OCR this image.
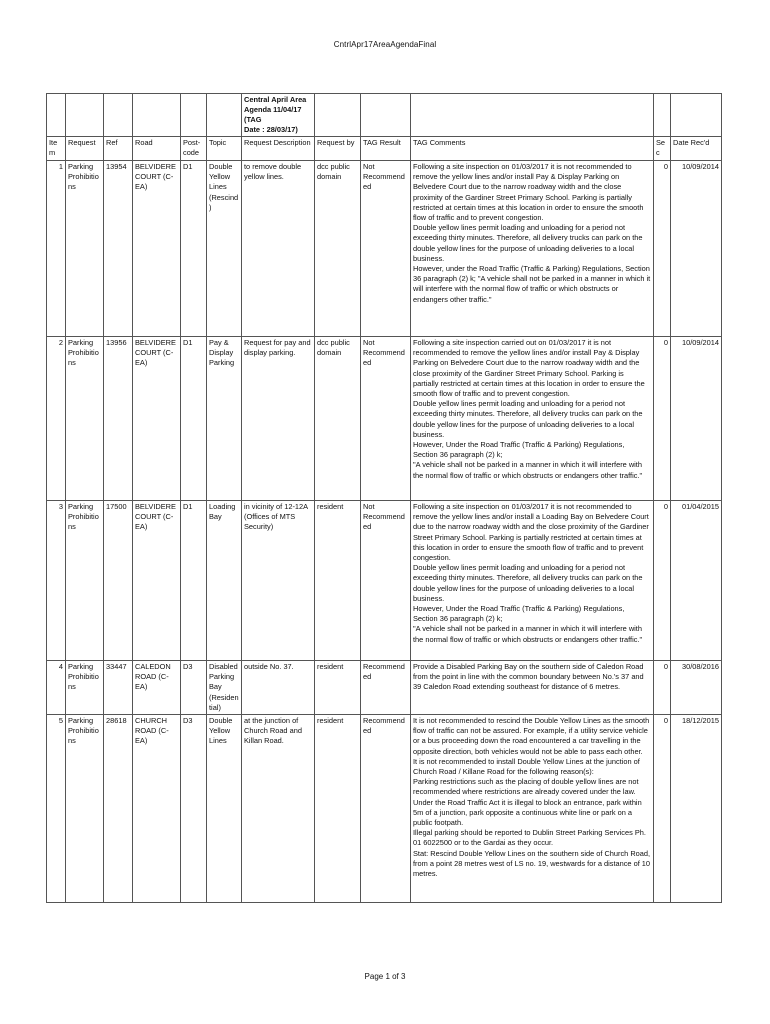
CntrlApr17AreaAgendaFinal

						Central April Area
Agenda 11/04/17 (TAG
Date : 28/03/17)					

Item	Request	Ref	Road	Post-code	Topic	Request Description	Request by	TAG Result	TAG Comments	Sec	Date Rec'd
1	Parking Prohibitions	13954	BELVIDERE COURT (C-EA)	D1	Double Yellow Lines (Rescind)	to remove double yellow lines.	dcc public domain	Not Recommended	Following a site inspection on 01/03/2017 it is not recommended to remove the yellow lines and/or install Pay & Display Parking on Belvedere Court due to the narrow roadway width and the close proximity of the Gardiner Street Primary School. Parking is partially restricted at certain times at this location in order to ensure the smooth flow of traffic and to prevent congestion.
Double yellow lines permit loading and unloading for a period not exceeding thirty minutes. Therefore, all delivery trucks can park on the double yellow lines for the purpose of unloading deliveries to a local business.
However, under the Road Traffic (Traffic & Parking) Regulations, Section 36 paragraph (2) k; "A vehicle shall not be parked in a manner in which it will interfere with the normal flow of traffic or which obstructs or endangers other traffic."	0	10/09/2014
2	Parking Prohibitions	13956	BELVIDERE COURT (C-EA)	D1	Pay & Display Parking	Request for pay and display parking.	dcc public domain	Not Recommended	Following a site inspection carried out on 01/03/2017 it is not recommended to remove the yellow lines and/or install Pay & Display Parking on Belvedere Court due to the narrow roadway width and the close proximity of the Gardiner Street Primary School. Parking is partially restricted at certain times at this location in order to ensure the smooth flow of traffic and to prevent congestion.
Double yellow lines permit loading and unloading for a period not exceeding thirty minutes. Therefore, all delivery trucks can park on the double yellow lines for the purpose of unloading deliveries to a local business.
However, Under the Road Traffic (Traffic & Parking) Regulations, Section 36 paragraph (2) k;
"A vehicle shall not be parked in a manner in which it will interfere with the normal flow of traffic or which obstructs or endangers other traffic."	0	10/09/2014
3	Parking Prohibitions	17500	BELVIDERE COURT (C-EA)	D1	Loading Bay	in vicinity of 12-12A (Offices of MTS Security)	resident	Not Recommended	Following a site inspection on 01/03/2017 it is not recommended to remove the yellow lines and/or install a Loading Bay on Belvedere Court due to the narrow roadway width and the close proximity of the Gardiner Street Primary School. Parking is partially restricted at certain times at this location in order to ensure the smooth flow of traffic and to prevent congestion.
Double yellow lines permit loading and unloading for a period not exceeding thirty minutes. Therefore, all delivery trucks can park on the double yellow lines for the purpose of unloading deliveries to a local business.
However, Under the Road Traffic (Traffic & Parking) Regulations, Section 36 paragraph (2) k;
"A vehicle shall not be parked in a manner in which it will interfere with the normal flow of traffic or which obstructs or endangers other traffic."	0	01/04/2015
4	Parking Prohibitions	33447	CALEDON ROAD (C-EA)	D3	Disabled Parking Bay (Residential)	outside No. 37.	resident	Recommended	Provide a Disabled Parking Bay on the southern side of Caledon Road from the point in line with the common boundary between No.'s 37 and 39 Caledon Road extending southeast for distance of 6 metres.	0	30/08/2016
5	Parking Prohibitions	28618	CHURCH ROAD (C-EA)	D3	Double Yellow Lines	at the junction of Church Road and Killan Road.	resident	Recommended	It is not recommended to rescind the Double Yellow Lines as the smooth flow of traffic can not be assured. For example, if a utility service vehicle or a bus proceeding down the road encountered a car travelling in the opposite direction, both vehicles would not be able to pass each other.
It is not recommended to install Double Yellow Lines at the junction of Church Road / Killane Road for the following reason(s):
Parking restrictions such as the placing of double yellow lines are not recommended where restrictions are already covered under the law. Under the Road Traffic Act it is illegal to block an entrance, park within 5m of a junction, park opposite a continuous white line or park on a public footpath.
Illegal parking should be reported to Dublin Street Parking Services Ph. 01 6022500 or to the Gardai as they occur.
Stat: Rescind Double Yellow Lines on the southern side of Church Road, from a point 28 metres west of LS no. 19, westwards for a distance of 10 metres.	0	18/12/2015
Page 1 of 3
